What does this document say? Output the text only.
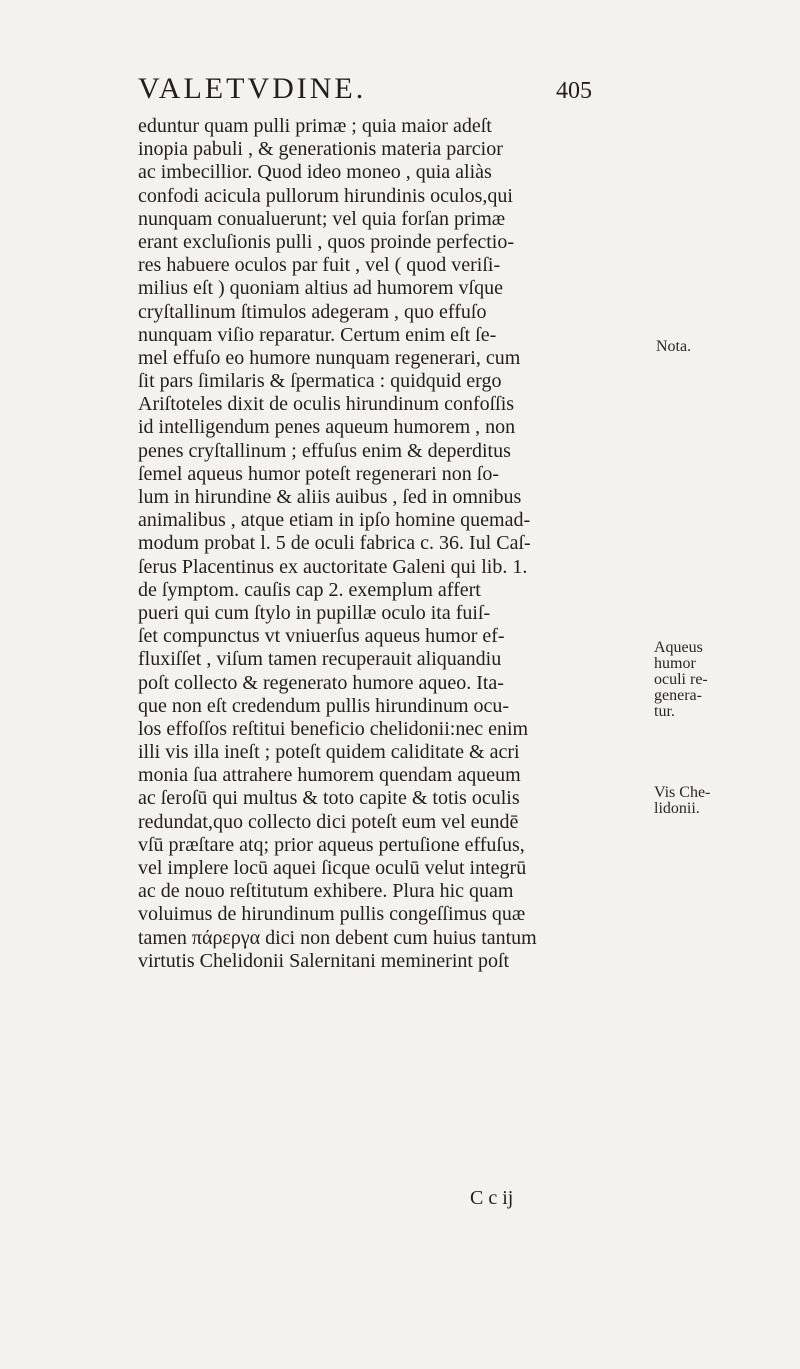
VALETVDINE.	405
eduntur quam pulli primæ ; quia maior adeſt
inopia pabuli , & generationis materia parcior
ac imbecillior. Quod ideo moneo , quia aliàs
confodi acicula pullorum hirundinis oculos,qui
nunquam conualuerunt; vel quia forſan primæ
erant excluſionis pulli , quos proinde perfectio-
res habuere oculos par fuit , vel ( quod veriſi-
milius eſt ) quoniam altius ad humorem vſque
cryſtallinum ſtimulos adegeram , quo effuſo
nunquam viſio reparatur. Certum enim eſt ſe-
mel effuſo eo humore nunquam regenerari, cum
ſit pars ſimilaris & ſpermatica : quidquid ergo
Ariſtoteles dixit de oculis hirundinum confoſſis
id intelligendum penes aqueum humorem , non
penes cryſtallinum ; effuſus enim & deperditus
ſemel aqueus humor poteſt regenerari non ſo-
lum in hirundine & aliis auibus , ſed in omnibus
animalibus , atque etiam in ipſo homine quemad-
modum probat l. 5 de oculi fabrica c. 36. Iul Caſ-
ſerus Placentinus ex auctoritate Galeni qui lib. 1.
de ſymptom. cauſis cap 2. exemplum affert
pueri qui cum ſtylo in pupillæ oculo ita fuiſ-
ſet compunctus vt vniuerſus aqueus humor ef-
fluxiſſet , viſum tamen recuperauit aliquandiu
poſt collecto & regenerato humore aqueo. Ita-
que non eſt credendum pullis hirundinum ocu-
los effoſſos reſtitui beneficio chelidonii:nec enim
illi vis illa ineſt ; poteſt quidem caliditate & acri
monia ſua attrahere humorem quendam aqueum
ac ſeroſū qui multus & toto capite & totis oculis
redundat,quo collecto dici poteſt eum vel eundē
vſū præſtare atq; prior aqueus pertuſione effuſus,
vel implere locū aquei ſicque oculū velut integrū
ac de nouo reſtitutum exhibere. Plura hic quam
voluimus de hirundinum pullis congeſſimus quæ
tamen πάρεργα dici non debent cum huius tantum
virtutis Chelidonii Salernitani meminerint poſt
Nota.
Aqueus
humor
oculi re-
genera-
tur.
Vis Che-
lidonii.
C c ij
